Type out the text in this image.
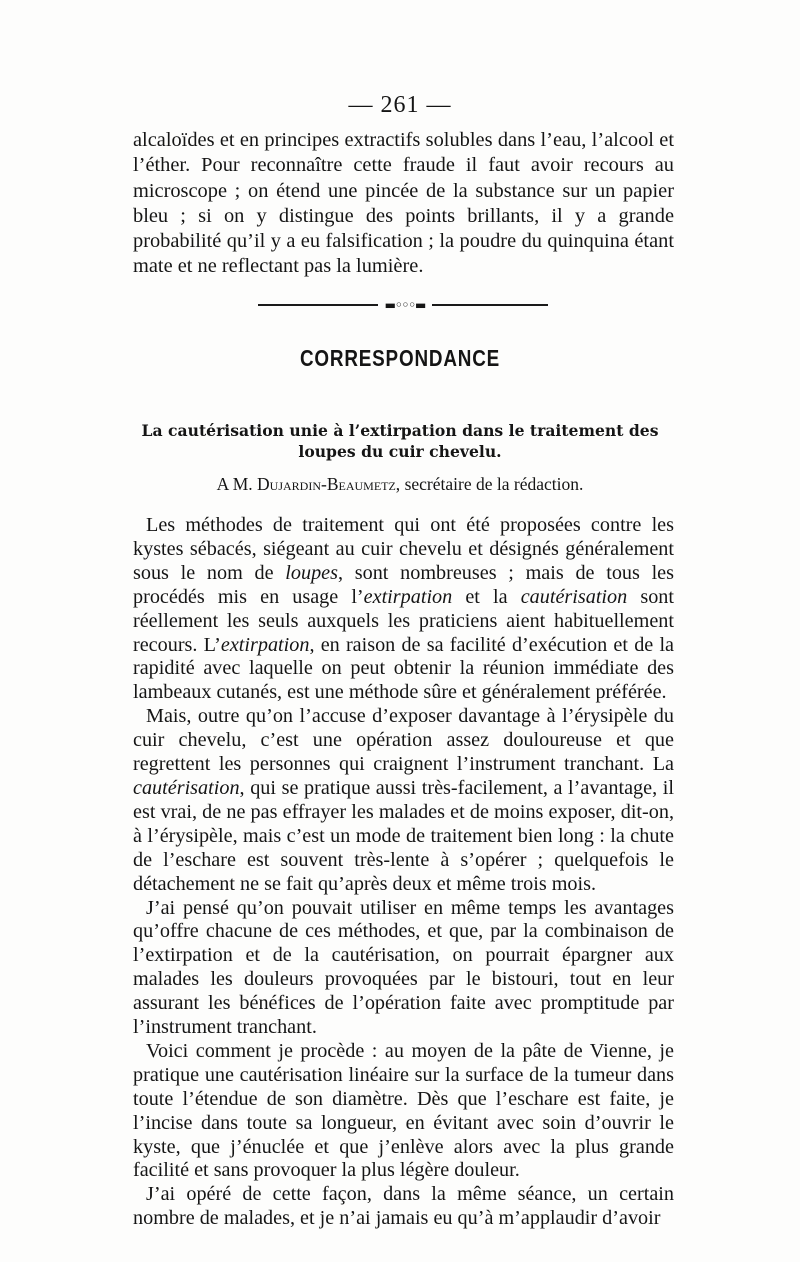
— 261 —

alcaloïdes et en principes extractifs solubles dans l’eau, l’alcool et l’éther. Pour reconnaître cette fraude il faut avoir recours au microscope ; on étend une pincée de la substance sur un papier bleu ; si on y distingue des points brillants, il y a grande probabilité qu’il y a eu falsification ; la poudre du quinquina étant mate et ne reflectant pas la lumière.

▬◦◦◦▬
CORRESPONDANCE
La cautérisation unie à l’extirpation dans le traitement des loupes du cuir chevelu.
A M. Dujardin-Beaumetz, secrétaire de la rédaction.

Les méthodes de traitement qui ont été proposées contre les kystes sébacés, siégeant au cuir chevelu et désignés généralement sous le nom de loupes, sont nombreuses ; mais de tous les procédés mis en usage l’extirpation et la cautérisation sont réellement les seuls auxquels les praticiens aient habituellement recours. L’extirpation, en raison de sa facilité d’exécution et de la rapidité avec laquelle on peut obtenir la réunion immédiate des lambeaux cutanés, est une méthode sûre et généralement préférée.

Mais, outre qu’on l’accuse d’exposer davantage à l’érysipèle du cuir chevelu, c’est une opération assez douloureuse et que regrettent les personnes qui craignent l’instrument tranchant. La cautérisation, qui se pratique aussi très-facilement, a l’avantage, il est vrai, de ne pas effrayer les malades et de moins exposer, dit-on, à l’érysipèle, mais c’est un mode de traitement bien long : la chute de l’eschare est souvent très-lente à s’opérer ; quelquefois le détachement ne se fait qu’après deux et même trois mois.

J’ai pensé qu’on pouvait utiliser en même temps les avantages qu’offre chacune de ces méthodes, et que, par la combinaison de l’extirpation et de la cautérisation, on pourrait épargner aux malades les douleurs provoquées par le bistouri, tout en leur assurant les bénéfices de l’opération faite avec promptitude par l’instrument tranchant.

Voici comment je procède : au moyen de la pâte de Vienne, je pratique une cautérisation linéaire sur la surface de la tumeur dans toute l’étendue de son diamètre. Dès que l’eschare est faite, je l’incise dans toute sa longueur, en évitant avec soin d’ouvrir le kyste, que j’énuclée et que j’enlève alors avec la plus grande facilité et sans provoquer la plus légère douleur.

J’ai opéré de cette façon, dans la même séance, un certain nombre de malades, et je n’ai jamais eu qu’à m’applaudir d’avoir
